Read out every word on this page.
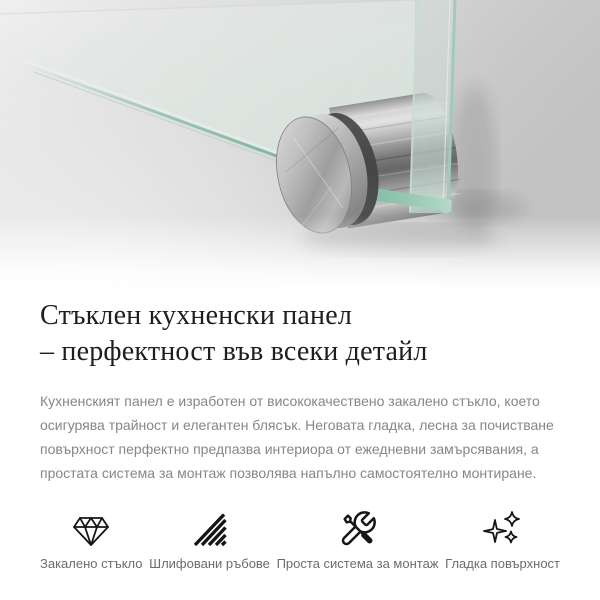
Стъклен кухненски панел
– перфектност във всеки детайл

Кухненският панел е изработен от висококачествено закалено стъкло, което осигурява трайност и елегантен блясък. Неговата гладка, лесна за почистване повърхност перфектно предпазва интериора от ежедневни замърсявания, а простата система за монтаж позволява напълно самостоятелно монтиране.

Закалено стъкло Шлифовани ръбове Проста система за монтаж Гладка повърхност
